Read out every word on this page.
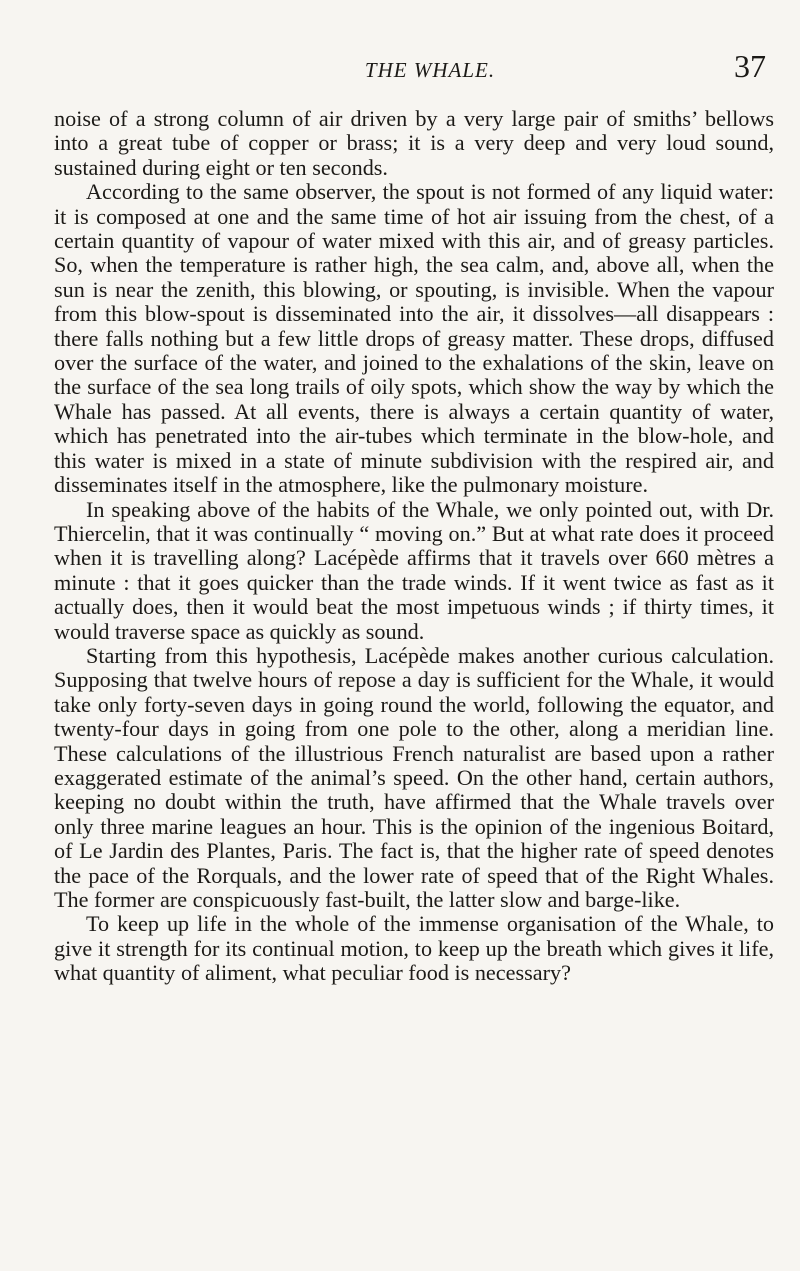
THE WHALE.	37

noise of a strong column of air driven by a very large pair of smiths’ bellows into a great tube of copper or brass; it is a very deep and very loud sound, sustained during eight or ten seconds.

According to the same observer, the spout is not formed of any liquid water: it is composed at one and the same time of hot air issuing from the chest, of a certain quantity of vapour of water mixed with this air, and of greasy particles. So, when the temperature is rather high, the sea calm, and, above all, when the sun is near the zenith, this blowing, or spouting, is invisible. When the vapour from this blow-spout is disseminated into the air, it dissolves—all disappears : there falls nothing but a few little drops of greasy matter. These drops, diffused over the surface of the water, and joined to the exhalations of the skin, leave on the surface of the sea long trails of oily spots, which show the way by which the Whale has passed. At all events, there is always a certain quantity of water, which has penetrated into the air-tubes which terminate in the blow-hole, and this water is mixed in a state of minute subdivision with the respired air, and disseminates itself in the atmosphere, like the pulmonary moisture.

In speaking above of the habits of the Whale, we only pointed out, with Dr. Thiercelin, that it was continually “ moving on.” But at what rate does it proceed when it is travelling along? Lacépède affirms that it travels over 660 mètres a minute : that it goes quicker than the trade winds. If it went twice as fast as it actually does, then it would beat the most impetuous winds ; if thirty times, it would traverse space as quickly as sound.

Starting from this hypothesis, Lacépède makes another curious calculation. Supposing that twelve hours of repose a day is sufficient for the Whale, it would take only forty-seven days in going round the world, following the equator, and twenty-four days in going from one pole to the other, along a meridian line. These calculations of the illustrious French naturalist are based upon a rather exaggerated estimate of the animal’s speed. On the other hand, certain authors, keeping no doubt within the truth, have affirmed that the Whale travels over only three marine leagues an hour. This is the opinion of the ingenious Boitard, of Le Jardin des Plantes, Paris. The fact is, that the higher rate of speed denotes the pace of the Rorquals, and the lower rate of speed that of the Right Whales. The former are conspicuously fast-built, the latter slow and barge-like.

To keep up life in the whole of the immense organisation of the Whale, to give it strength for its continual motion, to keep up the breath which gives it life, what quantity of aliment, what peculiar food is necessary?
